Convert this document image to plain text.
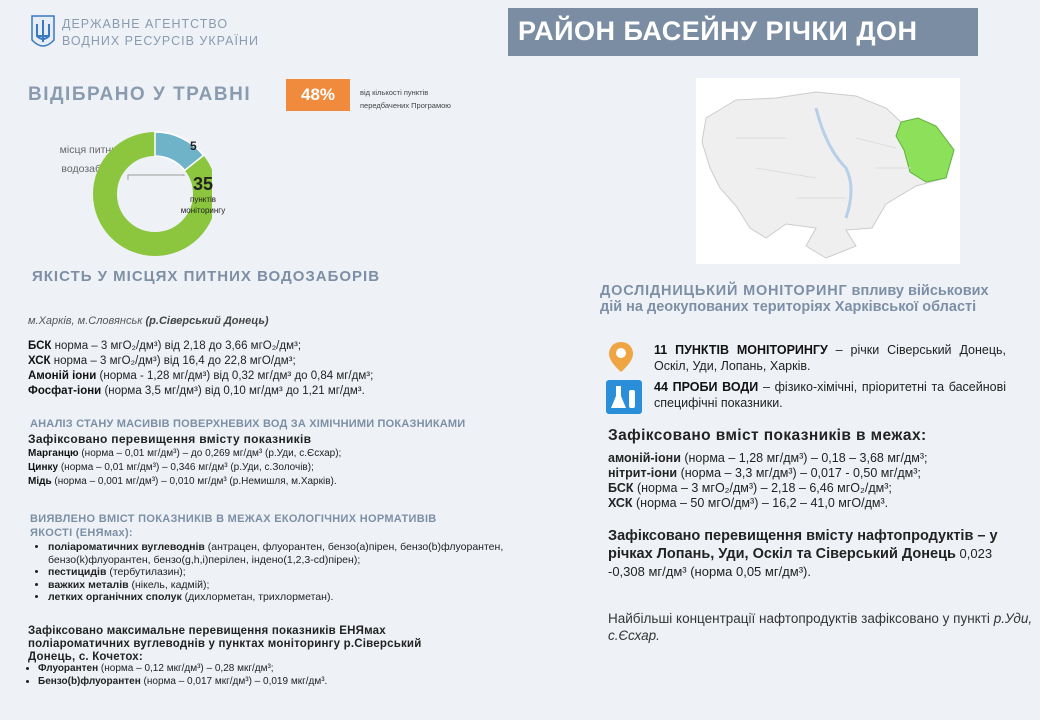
ДЕРЖАВНЕ АГЕНТСТВО
ВОДНИХ РЕСУРСІВ УКРАЇНИ	РАЙОН БАСЕЙНУ РІЧКИ ДОН
ВІДІБРАНО У ТРАВНІ	48%	від кількості пунктів
передбачених Програмою
місця питних
водозаборів
5
35
пунктів
моніторингу
ЯКІСТЬ У МІСЦЯХ ПИТНИХ ВОДОЗАБОРІВ
м.Харків, м.Словянськ (р.Сіверський Донець)
БСК норма – 3 мгО₂/дм³) від 2,18 до 3,66 мгО₂/дм³;
ХСК норма – 3 мгО₂/дм³) від 16,4 до 22,8 мгО/дм³;
Амоній іони (норма - 1,28 мг/дм³) від 0,32 мг/дм³ до 0,84 мг/дм³;
Фосфат-іони (норма 3,5 мг/дм³) від 0,10 мг/дм³ до 1,21 мг/дм³.
АНАЛІЗ СТАНУ МАСИВІВ ПОВЕРХНЕВИХ ВОД ЗА ХІМІЧНИМИ ПОКАЗНИКАМИ
Зафіксовано перевищення вмісту показників
Марганцю (норма – 0,01 мг/дм³) – до 0,269 мг/дм³ (р.Уди, с.Єсхар);
Цинку (норма – 0,01 мг/дм³) – 0,346 мг/дм³ (р.Уди, с.Золочів);
Мідь (норма – 0,001 мг/дм³) – 0,010 мг/дм³ (р.Немишля, м.Харків).
ВИЯВЛЕНО ВМІСТ ПОКАЗНИКІВ В МЕЖАХ ЕКОЛОГІЧНИХ НОРМАТИВІВ
ЯКОСТІ (ЕНЯмах):
• поліароматичних вуглеводнів (антрацен, флуорантен, бензо(а)пірен, бензо(b)флуорантен, бензо(k)флуорантен, бензо(g,h,i)перілен, індено(1,2,3-cd)пірен);
• пестицидів (тербутилазин);
• важких металів (нікель, кадмій);
• летких органічних сполук (дихлорметан, трихлорметан).
Зафіксовано максимальне перевищення показників ЕНЯмах поліароматичних вуглеводнів у пунктах моніторингу р.Сіверський Донець, с. Кочетох:
• Флуорантен (норма – 0,12 мкг/дм³) – 0,28 мкг/дм³;
• Бензо(b)флуорантен (норма – 0,017 мкг/дм³) – 0,019 мкг/дм³.
ДОСЛІДНИЦЬКИЙ МОНІТОРИНГ впливу військових дій на деокупованих територіях Харківської області
11 ПУНКТІВ МОНІТОРИНГУ – річки Сіверський Донець, Оскіл, Уди, Лопань, Харків.
44 ПРОБИ ВОДИ – фізико-хімічні, пріоритетні та басейнові специфічні показники.
Зафіксовано вміст показників в межах:
амоній-іони (норма – 1,28 мг/дм³) – 0,18 – 3,68 мг/дм³;
нітрит-іони (норма – 3,3 мг/дм³) – 0,017 - 0,50 мг/дм³;
БСК (норма – 3 мгО₂/дм³) – 2,18 – 6,46 мгО₂/дм³;
ХСК (норма – 50 мгО/дм³) – 16,2 – 41,0 мгО/дм³.
Зафіксовано перевищення вмісту нафтопродуктів – у річках Лопань, Уди, Оскіл та Сіверський Донець 0,023 -0,308 мг/дм³ (норма 0,05 мг/дм³).
Найбільші концентрації нафтопродуктів зафіксовано у пункті р.Уди, с.Єсхар.
